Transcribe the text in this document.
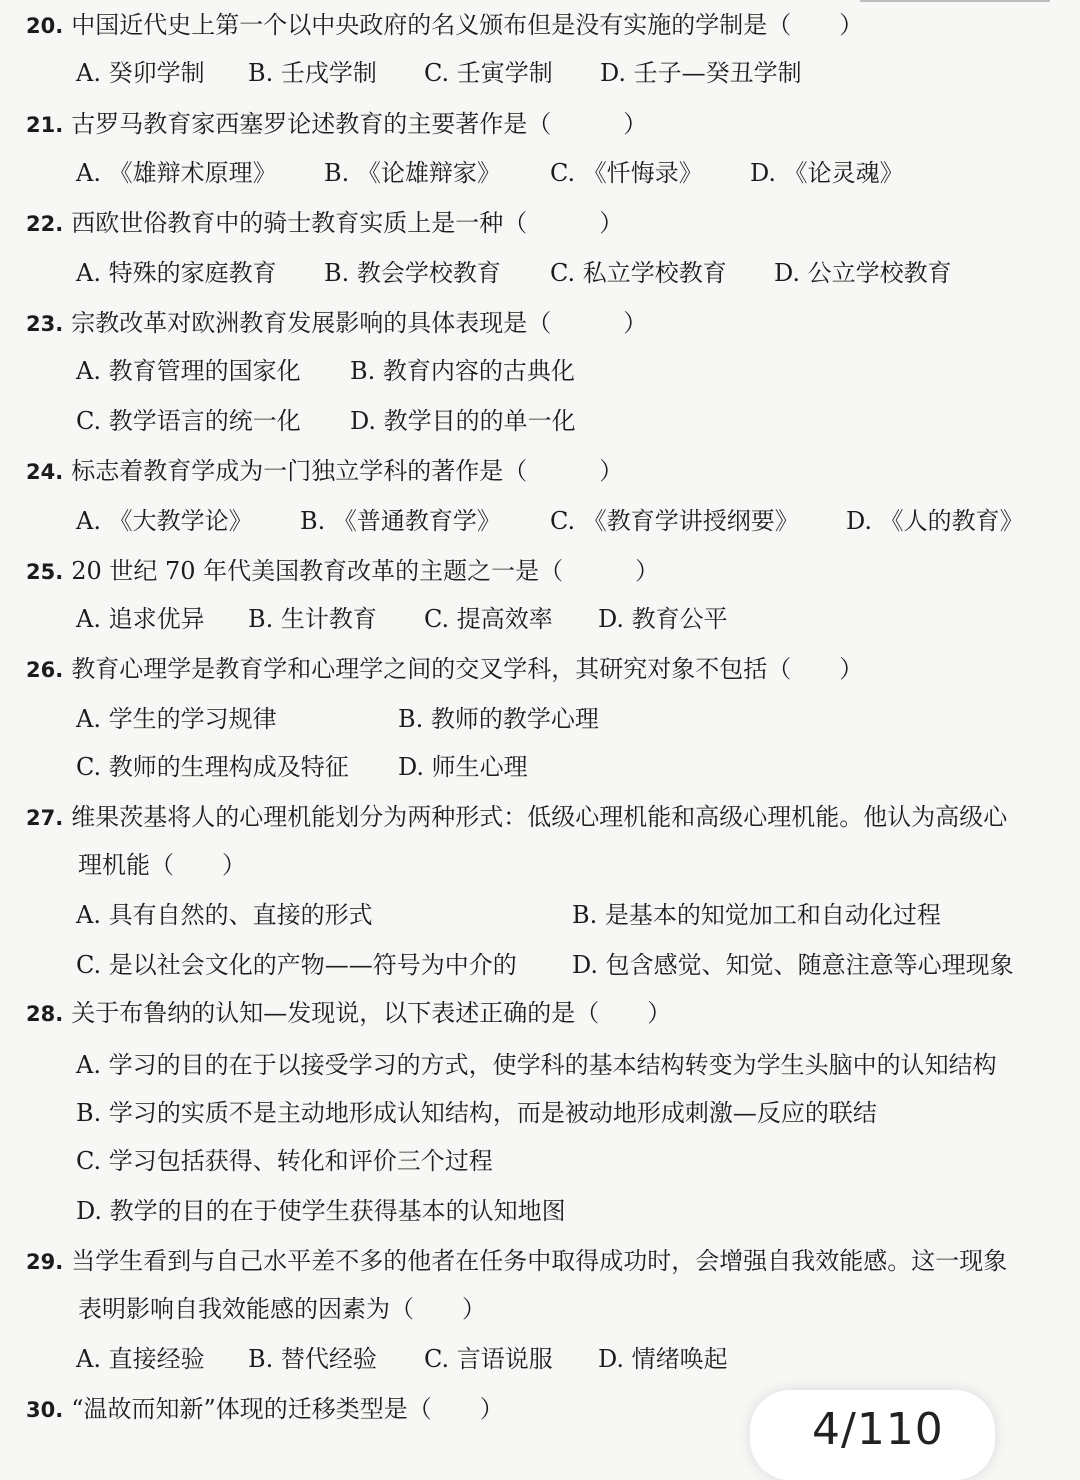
20. 中国近代史上第一个以中央政府的名义颁布但是没有实施的学制是（　　）
A. 癸卯学制 B. 壬戌学制 C. 壬寅学制 D. 壬子—癸丑学制
21. 古罗马教育家西塞罗论述教育的主要著作是（　　　）
A. 《雄辩术原理》 B. 《论雄辩家》 C. 《忏悔录》 D. 《论灵魂》
22. 西欧世俗教育中的骑士教育实质上是一种（　　　）
A. 特殊的家庭教育 B. 教会学校教育 C. 私立学校教育 D. 公立学校教育
23. 宗教改革对欧洲教育发展影响的具体表现是（　　　）
A. 教育管理的国家化 B. 教育内容的古典化
C. 教学语言的统一化 D. 教学目的的单一化
24. 标志着教育学成为一门独立学科的著作是（　　　）
A. 《大教学论》 B. 《普通教育学》 C. 《教育学讲授纲要》 D. 《人的教育》
25. 20 世纪 70 年代美国教育改革的主题之一是（　　　）
A. 追求优异 B. 生计教育 C. 提高效率 D. 教育公平
26. 教育心理学是教育学和心理学之间的交叉学科，其研究对象不包括（　　）
A. 学生的学习规律	B. 教师的教学心理
C. 教师的生理构成及特征 D. 师生心理
27. 维果茨基将人的心理机能划分为两种形式：低级心理机能和高级心理机能。他认为高级心
理机能（　　）
A. 具有自然的、直接的形式	B. 是基本的知觉加工和自动化过程
C. 是以社会文化的产物——符号为中介的 D. 包含感觉、知觉、随意注意等心理现象
28. 关于布鲁纳的认知—发现说，以下表述正确的是（　　）
A. 学习的目的在于以接受学习的方式，使学科的基本结构转变为学生头脑中的认知结构
B. 学习的实质不是主动地形成认知结构，而是被动地形成刺激—反应的联结
C. 学习包括获得、转化和评价三个过程
D. 教学的目的在于使学生获得基本的认知地图
29. 当学生看到与自己水平差不多的他者在任务中取得成功时，会增强自我效能感。这一现象
表明影响自我效能感的因素为（　　）
A. 直接经验 B. 替代经验 C. 言语说服 D. 情绪唤起
30. “温故而知新”体现的迁移类型是（　　）	4/110
